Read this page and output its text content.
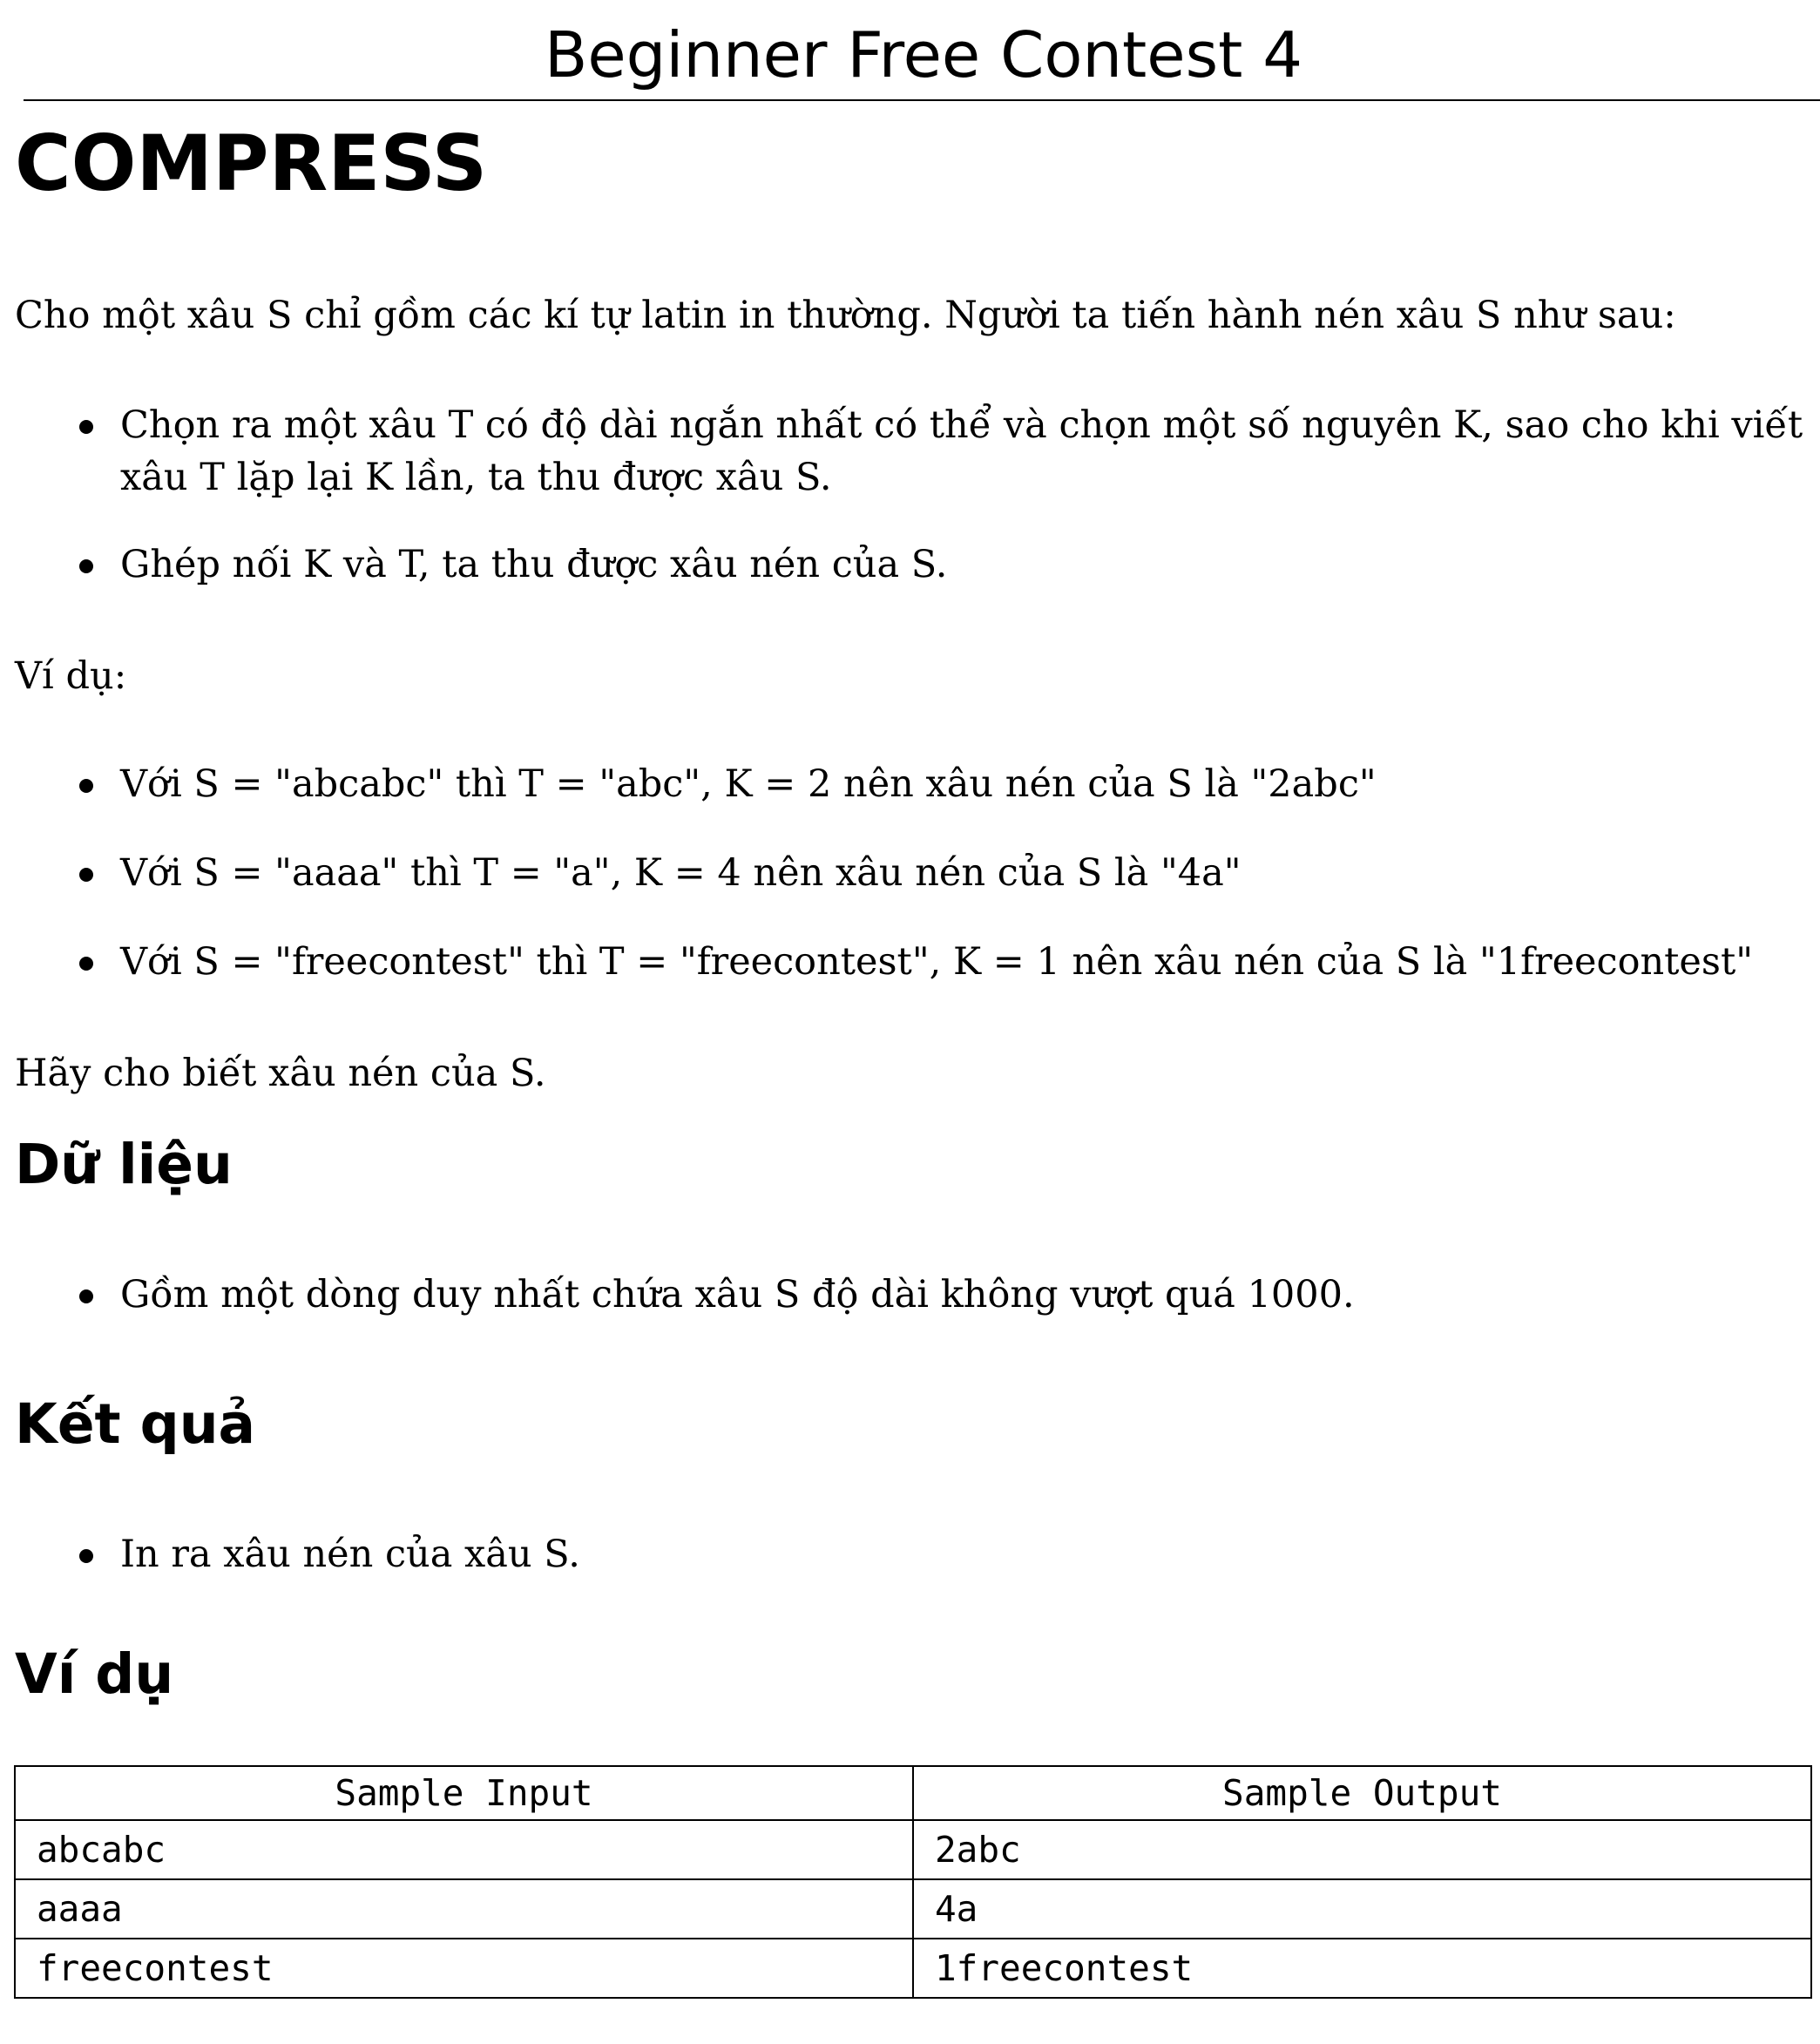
Beginner Free Contest 4
COMPRESS
Cho một xâu S chỉ gồm các kí tự latin in thường. Người ta tiến hành nén xâu S như sau:
Chọn ra một xâu T có độ dài ngắn nhất có thể và chọn một số nguyên K, sao cho khi viết xâu T lặp lại K lần, ta thu được xâu S.
Ghép nối K và T, ta thu được xâu nén của S.
Ví dụ:
Với S = "abcabc" thì T = "abc", K = 2 nên xâu nén của S là "2abc"
Với S = "aaaa" thì T = "a", K = 4 nên xâu nén của S là "4a"
Với S = "freecontest" thì T = "freecontest", K = 1 nên xâu nén của S là "1freecontest"
Hãy cho biết xâu nén của S.
Dữ liệu
Gồm một dòng duy nhất chứa xâu S độ dài không vượt quá 1000.
Kết quả
In ra xâu nén của xâu S.
Ví dụ
Sample Input	Sample Output
abcabc	2abc
aaaa	4a
freecontest	1freecontest
